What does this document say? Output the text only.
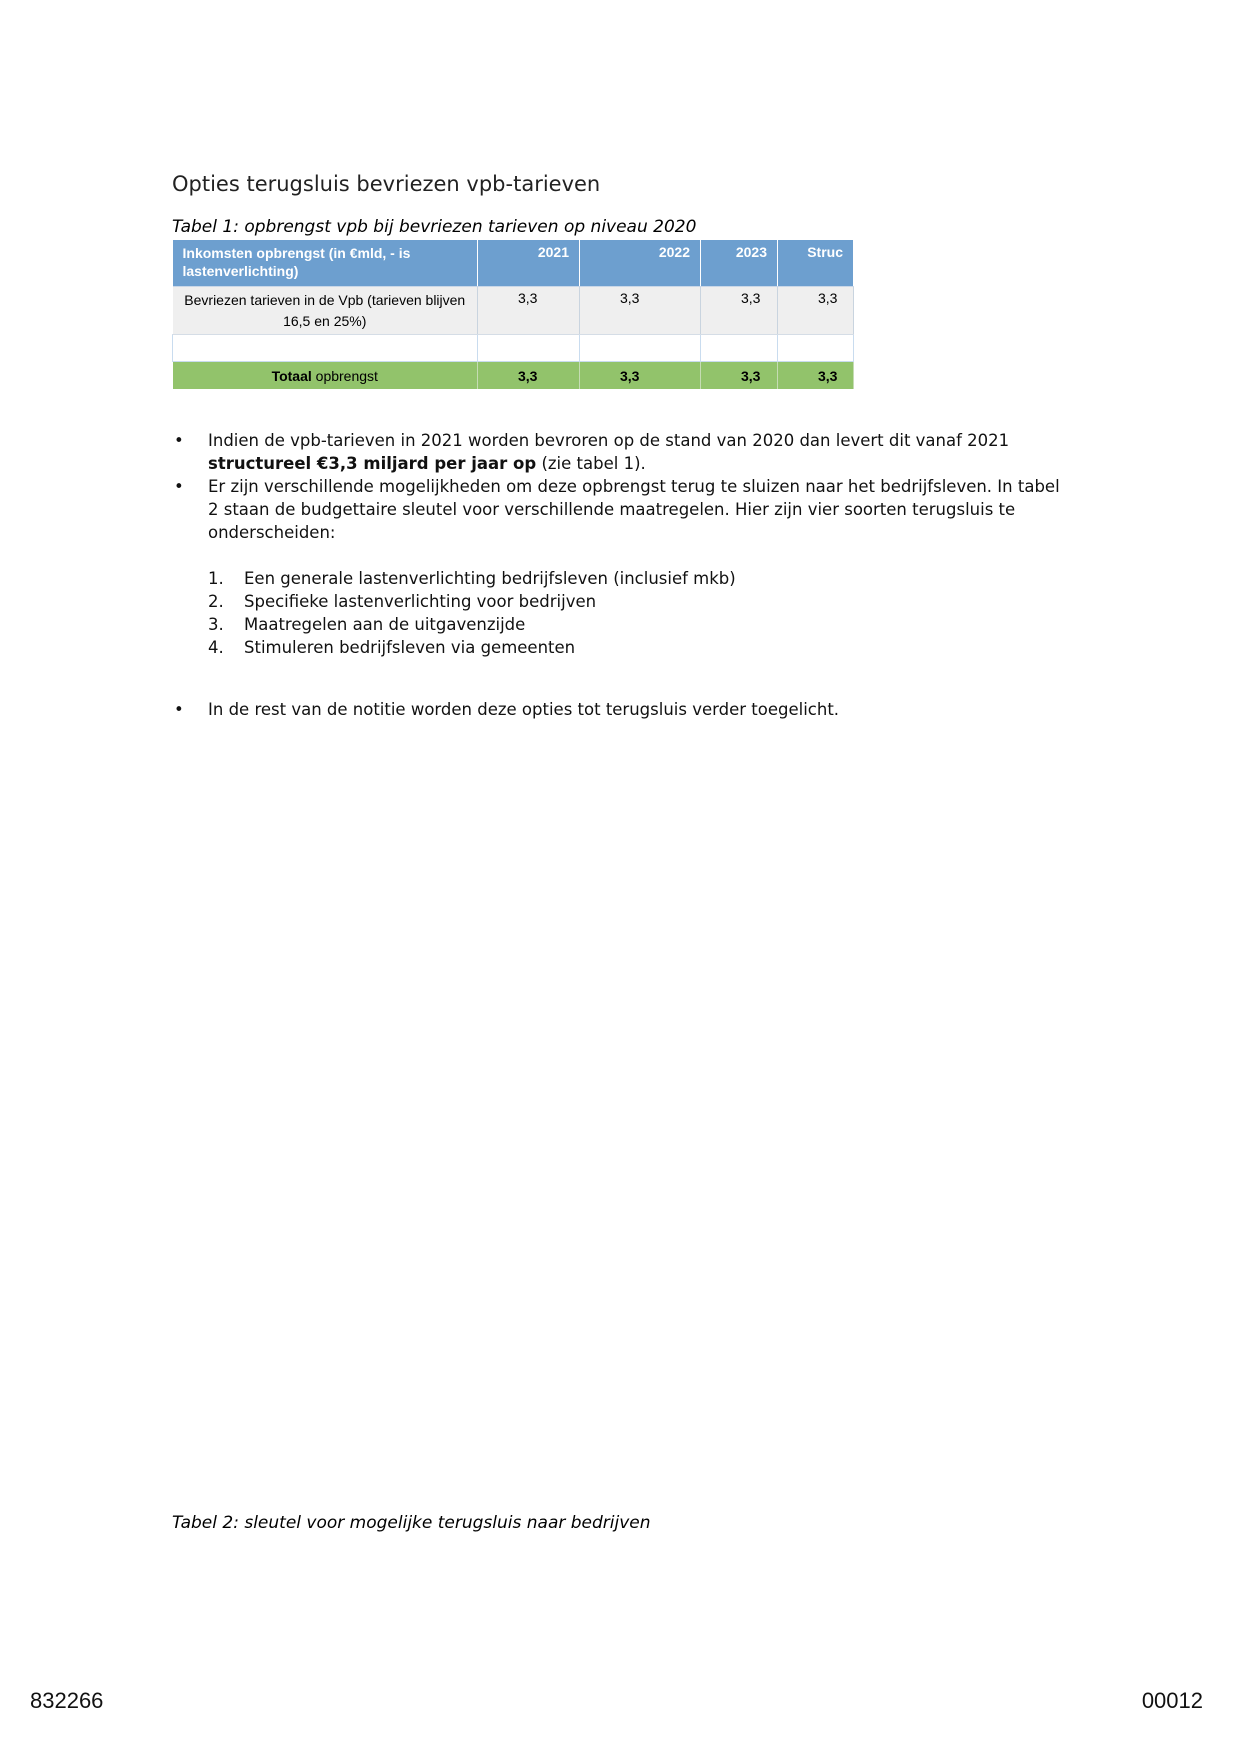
Opties terugsluis bevriezen vpb-tarieven
Tabel 1: opbrengst vpb bij bevriezen tarieven op niveau 2020
Inkomsten opbrengst (in €mld, - is lastenverlichting)	2021	2022	2023	Struc
Bevriezen tarieven in de Vpb (tarieven blijven 16,5 en 25%)	3,3	3,3	3,3	3,3

Totaal opbrengst	3,3	3,3	3,3	3,3
• Indien de vpb-tarieven in 2021 worden bevroren op de stand van 2020 dan levert dit vanaf 2021 structureel €3,3 miljard per jaar op (zie tabel 1).
• Er zijn verschillende mogelijkheden om deze opbrengst terug te sluizen naar het bedrijfsleven. In tabel 2 staan de budgettaire sleutel voor verschillende maatregelen. Hier zijn vier soorten terugsluis te onderscheiden:
1. Een generale lastenverlichting bedrijfsleven (inclusief mkb)
2. Specifieke lastenverlichting voor bedrijven
3. Maatregelen aan de uitgavenzijde
4. Stimuleren bedrijfsleven via gemeenten
• In de rest van de notitie worden deze opties tot terugsluis verder toegelicht.
Tabel 2: sleutel voor mogelijke terugsluis naar bedrijven
832266	00012
